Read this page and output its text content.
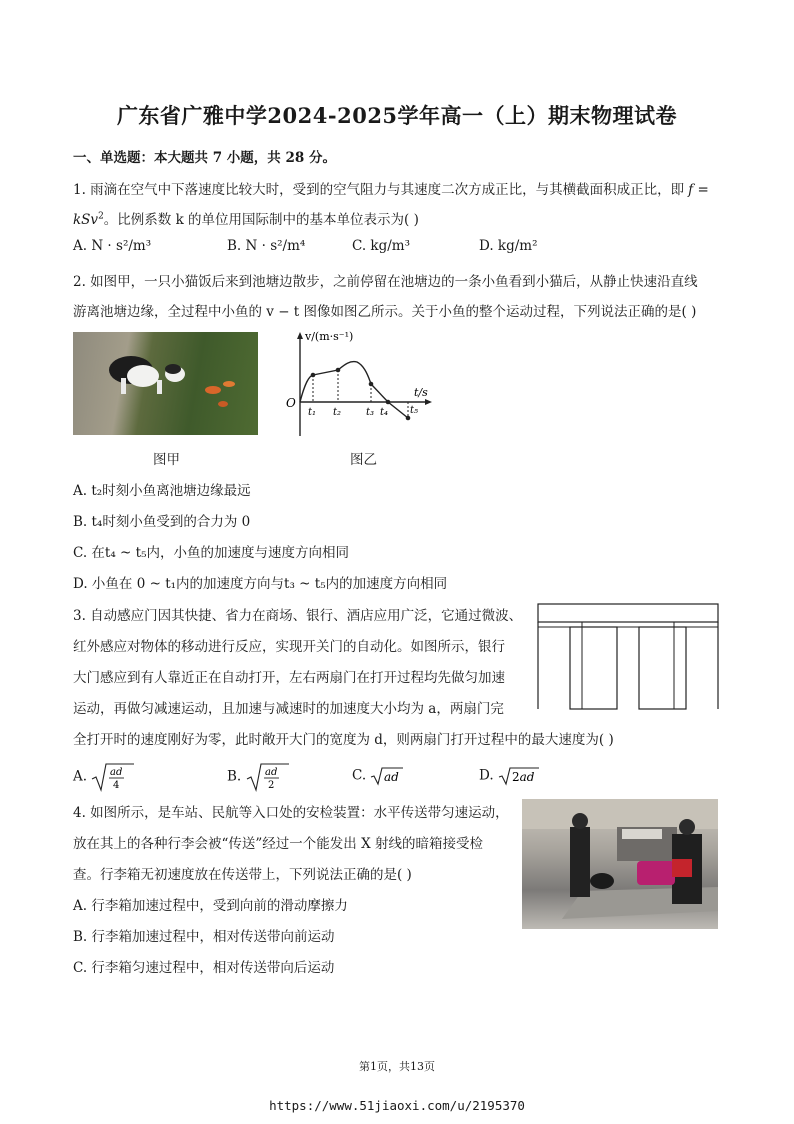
广东省广雅中学2024-2025学年高一（上）期末物理试卷
一、单选题：本大题共 7 小题，共 28 分。
1. 雨滴在空气中下落速度比较大时，受到的空气阻力与其速度二次方成正比，与其横截面积成正比，即 f =
kSv$^2$。比例系数 k 的单位用国际制中的基本单位表示为( )
A. N · s²/m³	B. N · s²/m⁴	C. kg/m³	D. kg/m²
2. 如图甲，一只小猫饭后来到池塘边散步，之前停留在池塘边的一条小鱼看到小猫后，从静止快速沿直线
游离池塘边缘，全过程中小鱼的 v − t 图像如图乙所示。关于小鱼的整个运动过程，下列说法正确的是( )
图甲
v/(m·s⁻¹)
t/s
O
t₁ t₂ t₃ t₄ t₅
图乙
A. t₂时刻小鱼离池塘边缘最远
B. t₄时刻小鱼受到的合力为 0
C. 在t₄ ~ t₅内，小鱼的加速度与速度方向相同
D. 小鱼在 0 ~ t₁内的加速度方向与t₃ ~ t₅内的加速度方向相同
3. 自动感应门因其快捷、省力在商场、银行、酒店应用广泛，它通过微波、
红外感应对物体的移动进行反应，实现开关门的自动化。如图所示，银行
大门感应到有人靠近正在自动打开，左右两扇门在打开过程均先做匀加速
运动，再做匀减速运动，且加速与减速时的加速度大小均为 a，两扇门完
全打开时的速度刚好为零，此时敞开大门的宽度为 d，则两扇门打开过程中的最大速度为( )
A. ad
4
B. ad
2
C. ad	D. 2ad
4. 如图所示，是车站、民航等入口处的安检装置：水平传送带匀速运动，
放在其上的各种行李会被“传送”经过一个能发出 X 射线的暗箱接受检
查。行李箱无初速度放在传送带上，下列说法正确的是( )
A. 行李箱加速过程中，受到向前的滑动摩擦力
B. 行李箱加速过程中，相对传送带向前运动
C. 行李箱匀速过程中，相对传送带向后运动
第1页，共13页
https://www.51jiaoxi.com/u/2195370
